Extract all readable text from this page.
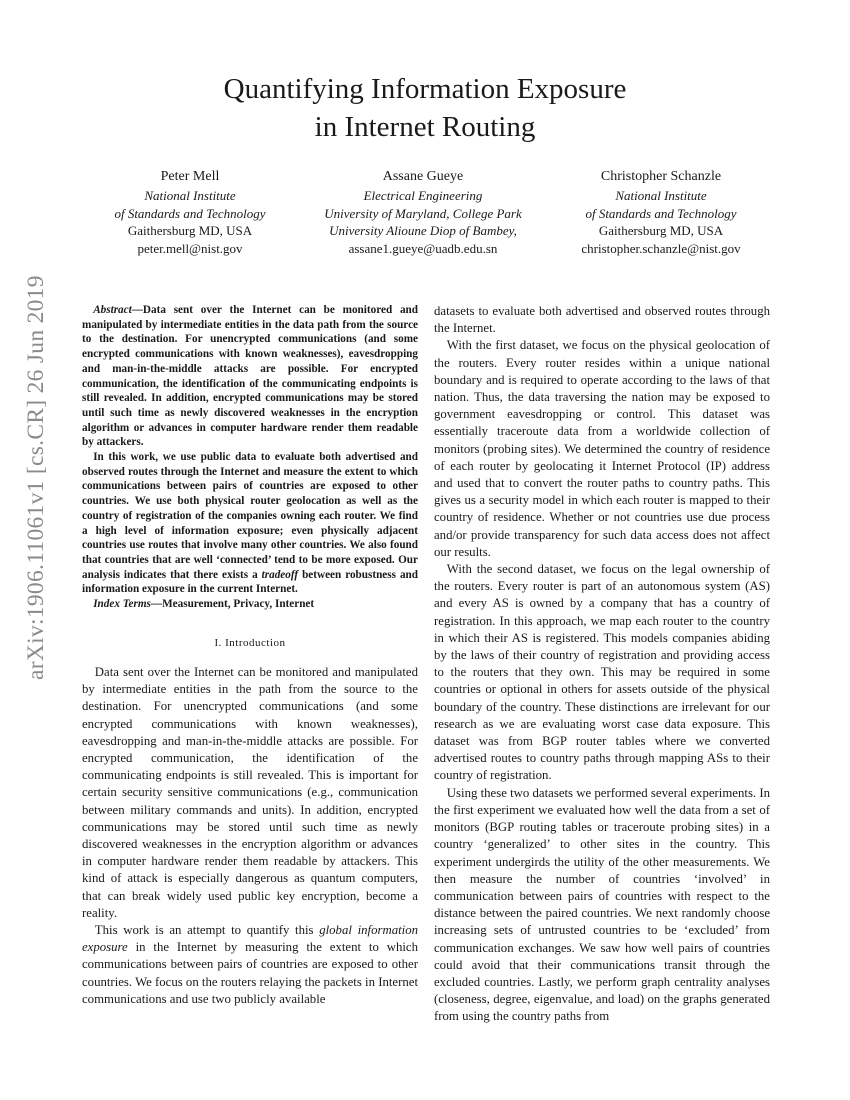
Quantifying Information Exposure
in Internet Routing
Peter Mell
National Institute
of Standards and Technology
Gaithersburg MD, USA
peter.mell@nist.gov
Assane Gueye
Electrical Engineering
University of Maryland, College Park
University Alioune Diop of Bambey,
assane1.gueye@uadb.edu.sn
Christopher Schanzle
National Institute
of Standards and Technology
Gaithersburg MD, USA
christopher.schanzle@nist.gov
arXiv:1906.11061v1 [cs.CR] 26 Jun 2019	Abstract—Data sent over the Internet can be monitored and manipulated by intermediate entities in the data path from the source to the destination. For unencrypted communications (and some encrypted communications with known weaknesses), eavesdropping and man-in-the-middle attacks are possible. For encrypted communication, the identification of the communicating endpoints is still revealed. In addition, encrypted communications may be stored until such time as newly discovered weaknesses in the encryption algorithm or advances in computer hardware render them readable by attackers.

In this work, we use public data to evaluate both advertised and observed routes through the Internet and measure the extent to which communications between pairs of countries are exposed to other countries. We use both physical router geolocation as well as the country of registration of the companies owning each router. We find a high level of information exposure; even physically adjacent countries use routes that involve many other countries. We also found that countries that are well ‘connected’ tend to be more exposed. Our analysis indicates that there exists a tradeoff between robustness and information exposure in the current Internet.

Index Terms—Measurement, Privacy, Internet

I. Introduction

Data sent over the Internet can be monitored and manipulated by intermediate entities in the path from the source to the destination. For unencrypted communications (and some encrypted communications with known weaknesses), eavesdropping and man-in-the-middle attacks are possible. For encrypted communication, the identification of the communicating endpoints is still revealed. This is important for certain security sensitive communications (e.g., communication between military commands and units). In addition, encrypted communications may be stored until such time as newly discovered weaknesses in the encryption algorithm or advances in computer hardware render them readable by attackers. This kind of attack is especially dangerous as quantum computers, that can break widely used public key encryption, become a reality.

This work is an attempt to quantify this global information exposure in the Internet by measuring the extent to which communications between pairs of countries are exposed to other countries. We focus on the routers relaying the packets in Internet communications and use two publicly available

datasets to evaluate both advertised and observed routes through the Internet.

With the first dataset, we focus on the physical geolocation of the routers. Every router resides within a unique national boundary and is required to operate according to the laws of that nation. Thus, the data traversing the nation may be exposed to government eavesdropping or control. This dataset was essentially traceroute data from a worldwide collection of monitors (probing sites). We determined the country of residence of each router by geolocating it Internet Protocol (IP) address and used that to convert the router paths to country paths. This gives us a security model in which each router is mapped to their country of residence. Whether or not countries use due process and/or provide transparency for such data access does not affect our results.

With the second dataset, we focus on the legal ownership of the routers. Every router is part of an autonomous system (AS) and every AS is owned by a company that has a country of registration. In this approach, we map each router to the country in which their AS is registered. This models companies abiding by the laws of their country of registration and providing access to the routers that they own. This may be required in some countries or optional in others for assets outside of the physical boundary of the country. These distinctions are irrelevant for our research as we are evaluating worst case data exposure. This dataset was from BGP router tables where we converted advertised routes to country paths through mapping ASs to their country of registration.

Using these two datasets we performed several experiments. In the first experiment we evaluated how well the data from a set of monitors (BGP routing tables or traceroute probing sites) in a country ‘generalized’ to other sites in the country. This experiment undergirds the utility of the other measurements. We then measure the number of countries ‘involved’ in communication between pairs of countries with respect to the distance between the paired countries. We next randomly choose increasing sets of untrusted countries to be ‘excluded’ from communication exchanges. We saw how well pairs of countries could avoid that their communications transit through the excluded countries. Lastly, we perform graph centrality analyses (closeness, degree, eigenvalue, and load) on the graphs generated from using the country paths from
